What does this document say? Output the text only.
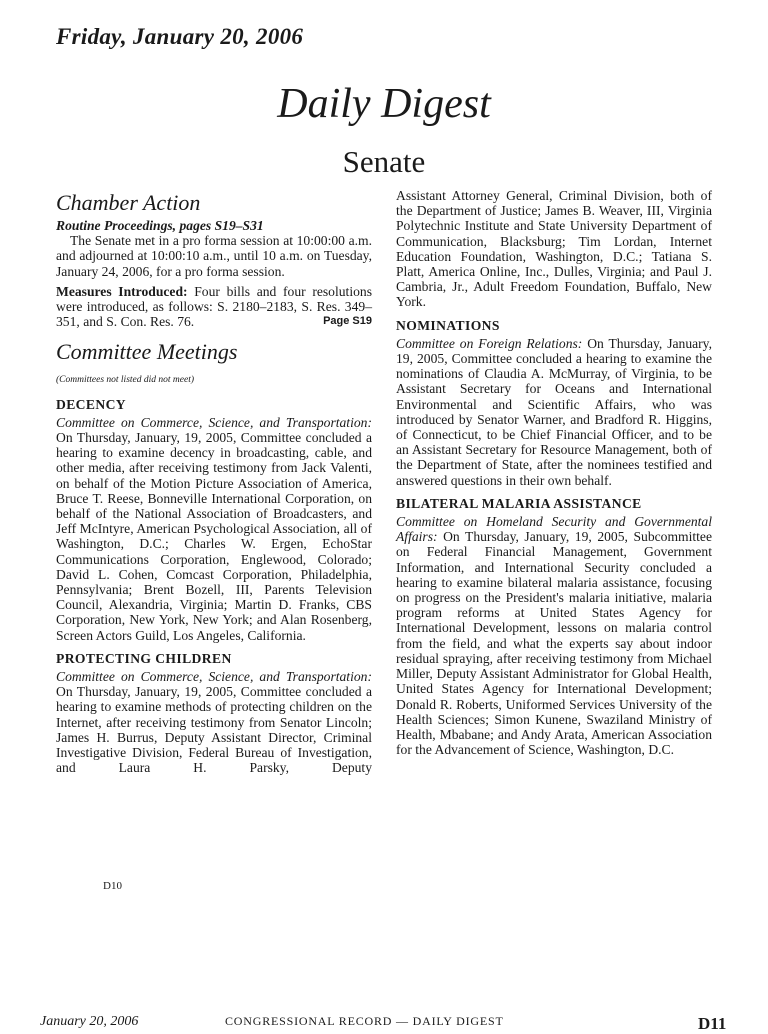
Friday, January 20, 2006
Daily Digest
Senate
Chamber Action
Routine Proceedings, pages S19–S31

The Senate met in a pro forma session at 10:00:00 a.m. and adjourned at 10:00:10 a.m., until 10 a.m. on Tuesday, January 24, 2006, for a pro forma session.

Measures Introduced: Four bills and four resolutions were introduced, as follows: S. 2180–2183, S. Res. 349–351, and S. Con. Res. 76.	Page S19

Committee Meetings
(Committees not listed did not meet)
DECENCY

Committee on Commerce, Science, and Transportation: On Thursday, January, 19, 2005, Committee concluded a hearing to examine decency in broadcasting, cable, and other media, after receiving testimony from Jack Valenti, on behalf of the Motion Picture Association of America, Bruce T. Reese, Bonneville International Corporation, on behalf of the National Association of Broadcasters, and Jeff McIntyre, American Psychological Association, all of Washington, D.C.; Charles W. Ergen, EchoStar Communications Corporation, Englewood, Colorado; David L. Cohen, Comcast Corporation, Philadelphia, Pennsylvania; Brent Bozell, III, Parents Television Council, Alexandria, Virginia; Martin D. Franks, CBS Corporation, New York, New York; and Alan Rosenberg, Screen Actors Guild, Los Angeles, California.

PROTECTING CHILDREN

Committee on Commerce, Science, and Transportation: On Thursday, January, 19, 2005, Committee concluded a hearing to examine methods of protecting children on the Internet, after receiving testimony from Senator Lincoln; James H. Burrus, Deputy Assistant Director, Criminal Investigative Division, Federal Bureau of Investigation, and Laura H. Parsky, Deputy

D10

Assistant Attorney General, Criminal Division, both of the Department of Justice; James B. Weaver, III, Virginia Polytechnic Institute and State University Department of Communication, Blacksburg; Tim Lordan, Internet Education Foundation, Washington, D.C.; Tatiana S. Platt, America Online, Inc., Dulles, Virginia; and Paul J. Cambria, Jr., Adult Freedom Foundation, Buffalo, New York.

NOMINATIONS

Committee on Foreign Relations: On Thursday, January, 19, 2005, Committee concluded a hearing to examine the nominations of Claudia A. McMurray, of Virginia, to be Assistant Secretary for Oceans and International Environmental and Scientific Affairs, who was introduced by Senator Warner, and Bradford R. Higgins, of Connecticut, to be Chief Financial Officer, and to be an Assistant Secretary for Resource Management, both of the Department of State, after the nominees testified and answered questions in their own behalf.

BILATERAL MALARIA ASSISTANCE

Committee on Homeland Security and Governmental Affairs: On Thursday, January, 19, 2005, Subcommittee on Federal Financial Management, Government Information, and International Security concluded a hearing to examine bilateral malaria assistance, focusing on progress on the President's malaria initiative, malaria program reforms at United States Agency for International Development, lessons on malaria control from the field, and what the experts say about indoor residual spraying, after receiving testimony from Michael Miller, Deputy Assistant Administrator for Global Health, United States Agency for International Development; Donald R. Roberts, Uniformed Services University of the Health Sciences; Simon Kunene, Swaziland Ministry of Health, Mbabane; and Andy Arata, American Association for the Advancement of Science, Washington, D.C.

January 20, 2006	CONGRESSIONAL RECORD — DAILY DIGEST	D11
